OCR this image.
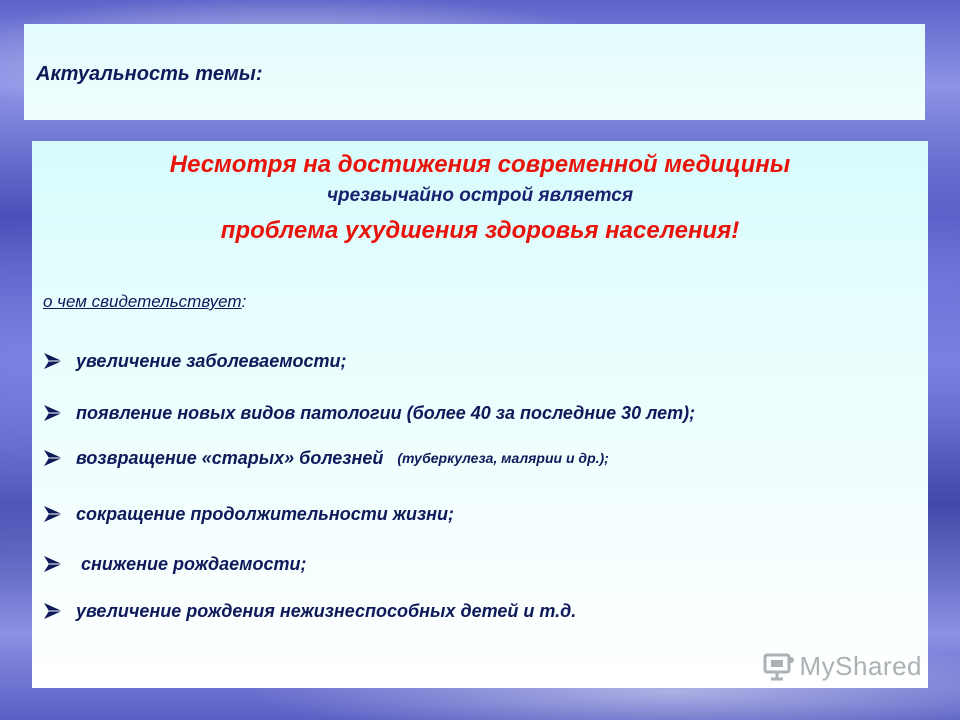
Актуальность темы:
Несмотря на достижения современной медицины
чрезвычайно острой является
проблема ухудшения здоровья населения!
о чем свидетельствует:
увеличение заболеваемости;
появление новых видов патологии (более 40 за последние 30 лет);
возвращение «старых» болезней (туберкулеза, малярии и др.);
сокращение продолжительности жизни;
снижение рождаемости;
увеличение рождения нежизнеспособных детей и т.д.
MyShared
